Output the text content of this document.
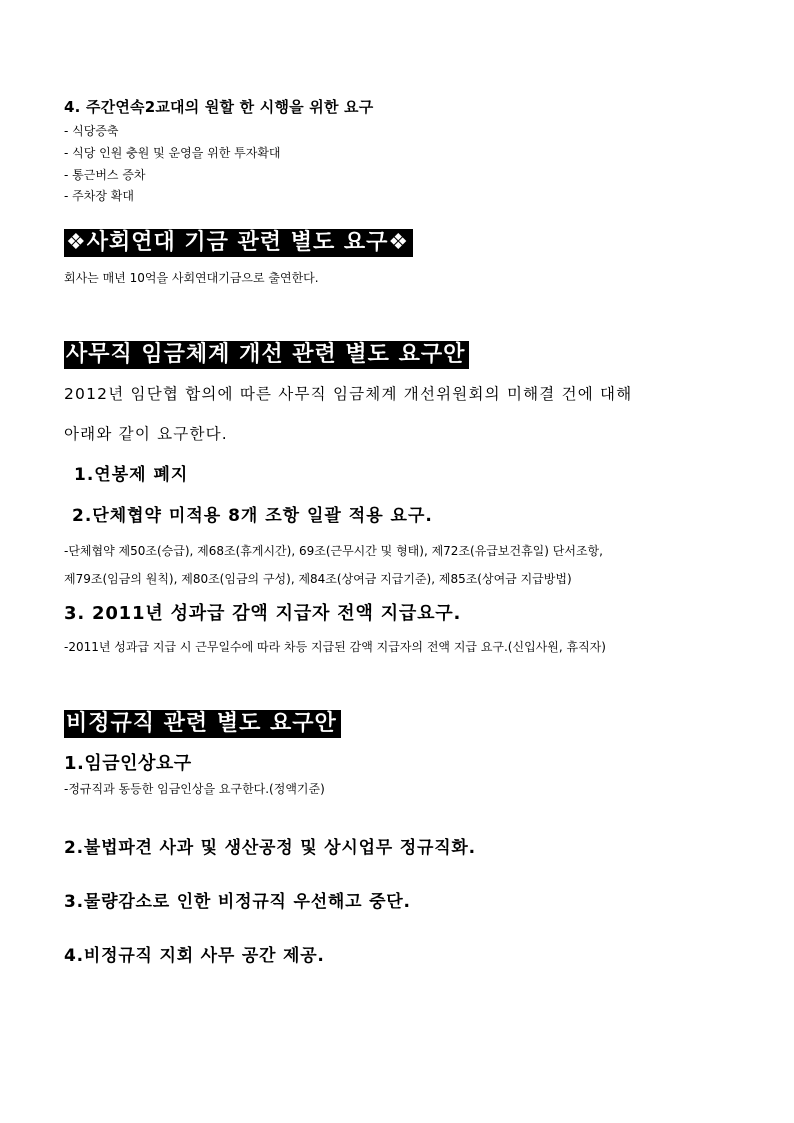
4. 주간연속2교대의 원할 한 시행을 위한 요구
- 식당증축
- 식당 인원 충원 및 운영을 위한 투자확대
- 통근버스 증차
- 주차장 확대
❖사회연대 기금 관련 별도 요구❖
회사는 매년 10억을 사회연대기금으로 출연한다.
사무직 임금체계 개선 관련 별도 요구안
2012년 임단협 합의에 따른 사무직 임금체계 개선위원회의 미해결 건에 대해
아래와 같이 요구한다.
1.연봉제 폐지
2.단체협약 미적용 8개 조항 일괄 적용 요구.
-단체협약 제50조(승급), 제68조(휴게시간), 69조(근무시간 및 형태), 제72조(유급보건휴일) 단서조항,
제79조(임금의 원칙), 제80조(임금의 구성), 제84조(상여금 지급기준), 제85조(상여금 지급방법)
3. 2011년 성과급 감액 지급자 전액 지급요구.
-2011년 성과급 지급 시 근무일수에 따라 차등 지급된 감액 지급자의 전액 지급 요구.(신입사원, 휴직자)
비정규직 관련 별도 요구안
1.임금인상요구
-정규직과 동등한 임금인상을 요구한다.(정액기준)
2.불법파견 사과 및 생산공정 및 상시업무 정규직화.
3.물량감소로 인한 비정규직 우선해고 중단.
4.비정규직 지회 사무 공간 제공.
